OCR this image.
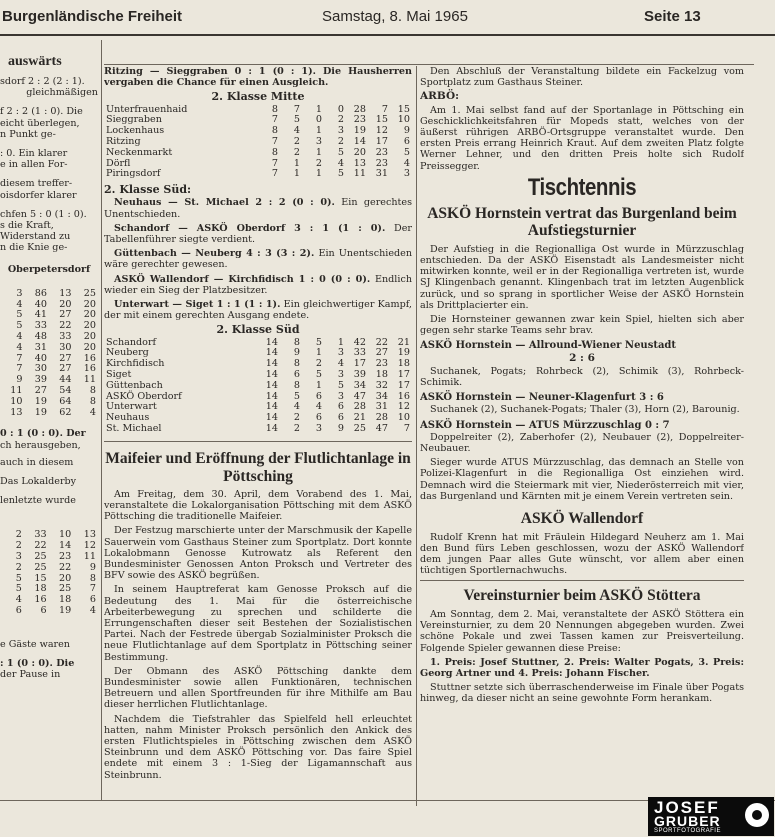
Burgenländische Freiheit	Samstag, 8. Mai 1965	Seite 13
auswärts
sdorf 2 : 2 (2 : 1).
gleichmäßigen
f 2 : 2 (1 : 0). Die
eicht überlegen,
n Punkt ge-
: 0. Ein klarer
e in allen For-
diesem treffer-
oisdorfer klarer
chfen 5 : 0 (1 : 0).
s die Kraft,
Widerstand zu
n die Knie ge-
Oberpetersdorf
3	86	13	25
4	40	20	20
5	41	27	20
5	33	22	20
4	48	33	20
4	31	30	20
7	40	27	16
7	30	27	16
9	39	44	11
11	27	54	8
10	19	64	8
13	19	62	4
0 : 1 (0 : 0). Der
ch herausgeben,
auch in diesem
Das Lokalderby
lenletzte wurde
2	33	10	13
2	22	14	12
3	25	23	11
2	25	22	9
5	15	20	8
5	18	25	7
4	16	18	6
6	6	19	4
e Gäste waren
: 1 (0 : 0). Die
der Pause in

Ritzing — Sieggraben 0 : 1 (0 : 1). Die Hausherren vergaben die Chance für einen Ausgleich.

2. Klasse Mitte
Unterfrauenhaid	8	7	1	0	28	7	15
Sieggraben	7	5	0	2	23	15	10
Lockenhaus	8	4	1	3	19	12	9
Ritzing	7	2	3	2	14	17	6
Neckenmarkt	8	2	1	5	20	23	5
Dörfl	7	1	2	4	13	23	4
Piringsdorf	7	1	1	5	11	31	3
2. Klasse Süd:

Neuhaus — St. Michael 2 : 2 (0 : 0). Ein gerechtes Unentschieden.

Schandorf — ASKÖ Oberdorf 3 : 1 (1 : 0). Der Tabellenführer siegte verdient.

Güttenbach — Neuberg 4 : 3 (3 : 2). Ein Unentschieden wäre gerechter gewesen.

ASKÖ Wallendorf — Kirchfidisch 1 : 0 (0 : 0). Endlich wieder ein Sieg der Platzbesitzer.

Unterwart — Siget 1 : 1 (1 : 1). Ein gleichwertiger Kampf, der mit einem gerechten Ausgang endete.

2. Klasse Süd
Schandorf	14	8	5	1	42	22	21
Neuberg	14	9	1	3	33	27	19
Kirchfidisch	14	8	2	4	17	23	18
Siget	14	6	5	3	39	18	17
Güttenbach	14	8	1	5	34	32	17
ASKÖ Oberdorf	14	5	6	3	47	34	16
Unterwart	14	4	4	6	28	31	12
Neuhaus	14	2	6	6	21	28	10
St. Michael	14	2	3	9	25	47	7
Maifeier und Eröffnung der Flutlichtanlage in Pöttsching

Am Freitag, dem 30. April, dem Vorabend des 1. Mai, veranstaltete die Lokalorganisation Pöttsching mit dem ASKÖ Pöttsching die traditionelle Maifeier.

Der Festzug marschierte unter der Marschmusik der Kapelle Sauerwein vom Gasthaus Steiner zum Sportplatz. Dort konnte Lokalobmann Genosse Kutrowatz als Referent den Bundesminister Genossen Anton Proksch und Vertreter des BFV sowie des ASKÖ begrüßen.

In seinem Hauptreferat kam Genosse Proksch auf die Bedeutung des 1. Mai für die österreichische Arbeiterbewegung zu sprechen und schilderte die Errungenschaften dieser seit Bestehen der Sozialistischen Partei. Nach der Festrede übergab Sozialminister Proksch die neue Flutlichtanlage auf dem Sportplatz in Pöttsching seiner Bestimmung.

Der Obmann des ASKÖ Pöttsching dankte dem Bundesminister sowie allen Funktionären, technischen Betreuern und allen Sportfreunden für ihre Mithilfe am Bau dieser herrlichen Flutlichtanlage.

Nachdem die Tiefstrahler das Spielfeld hell erleuchtet hatten, nahm Minister Proksch persönlich den Ankick des ersten Flutlichtspieles in Pöttsching zwischen dem ASKÖ Steinbrunn und dem ASKÖ Pöttsching vor. Das faire Spiel endete mit einem 3 : 1-Sieg der Ligamannschaft aus Steinbrunn.

Den Abschluß der Veranstaltung bildete ein Fackelzug vom Sportplatz zum Gasthaus Steiner.

ARBÖ:

Am 1. Mai selbst fand auf der Sportanlage in Pöttsching ein Geschicklichkeitsfahren für Mopeds statt, welches von der äußerst rührigen ARBÖ-Ortsgruppe veranstaltet wurde. Den ersten Preis errang Heinrich Kraut. Auf dem zweiten Platz folgte Werner Lehner, und den dritten Preis holte sich Rudolf Preissegger.

Tischtennis
ASKÖ Hornstein vertrat das Burgenland beim Aufstiegsturnier

Der Aufstieg in die Regionalliga Ost wurde in Mürzzuschlag entschieden. Da der ASKÖ Eisenstadt als Landesmeister nicht mitwirken konnte, weil er in der Regionalliga vertreten ist, wurde SJ Klingenbach genannt. Klingenbach trat im letzten Augenblick zurück, und so sprang in sportlicher Weise der ASKÖ Hornstein als Drittplacierter ein.

Die Hornsteiner gewannen zwar kein Spiel, hielten sich aber gegen sehr starke Teams sehr brav.

ASKÖ Hornstein — Allround-Wiener Neustadt
2 : 6

Suchanek, Pogats; Rohrbeck (2), Schimik (3), Rohrbeck-Schimik.

ASKÖ Hornstein — Neuner-Klagenfurt 3 : 6

Suchanek (2), Suchanek-Pogats; Thaler (3), Horn (2), Barounig.

ASKÖ Hornstein — ATUS Mürzzuschlag 0 : 7

Doppelreiter (2), Zaberhofer (2), Neubauer (2), Doppelreiter-Neubauer.

Sieger wurde ATUS Mürzzuschlag, das demnach an Stelle von Polizei-Klagenfurt in die Regionalliga Ost einziehen wird. Demnach wird die Steiermark mit vier, Niederösterreich mit vier, das Burgenland und Kärnten mit je einem Verein vertreten sein.

ASKÖ Wallendorf

Rudolf Krenn hat mit Fräulein Hildegard Neuherz am 1. Mai den Bund fürs Leben geschlossen, wozu der ASKÖ Wallendorf dem jungen Paar alles Gute wünscht, vor allem aber einen tüchtigen Sportlernachwuchs.

Vereinsturnier beim ASKÖ Stöttera

Am Sonntag, dem 2. Mai, veranstaltete der ASKÖ Stöttera ein Vereinsturnier, zu dem 20 Nennungen abgegeben wurden. Zwei schöne Pokale und zwei Tassen kamen zur Preisverteilung. Folgende Spieler gewannen diese Preise:

1. Preis: Josef Stuttner, 2. Preis: Walter Pogats, 3. Preis: Georg Artner und 4. Preis: Johann Fischer.

Stuttner setzte sich überraschenderweise im Finale über Pogats hinweg, da dieser nicht an seine gewohnte Form herankam.

JOSEF
GRUBER
SPORTFOTOGRAFIE
